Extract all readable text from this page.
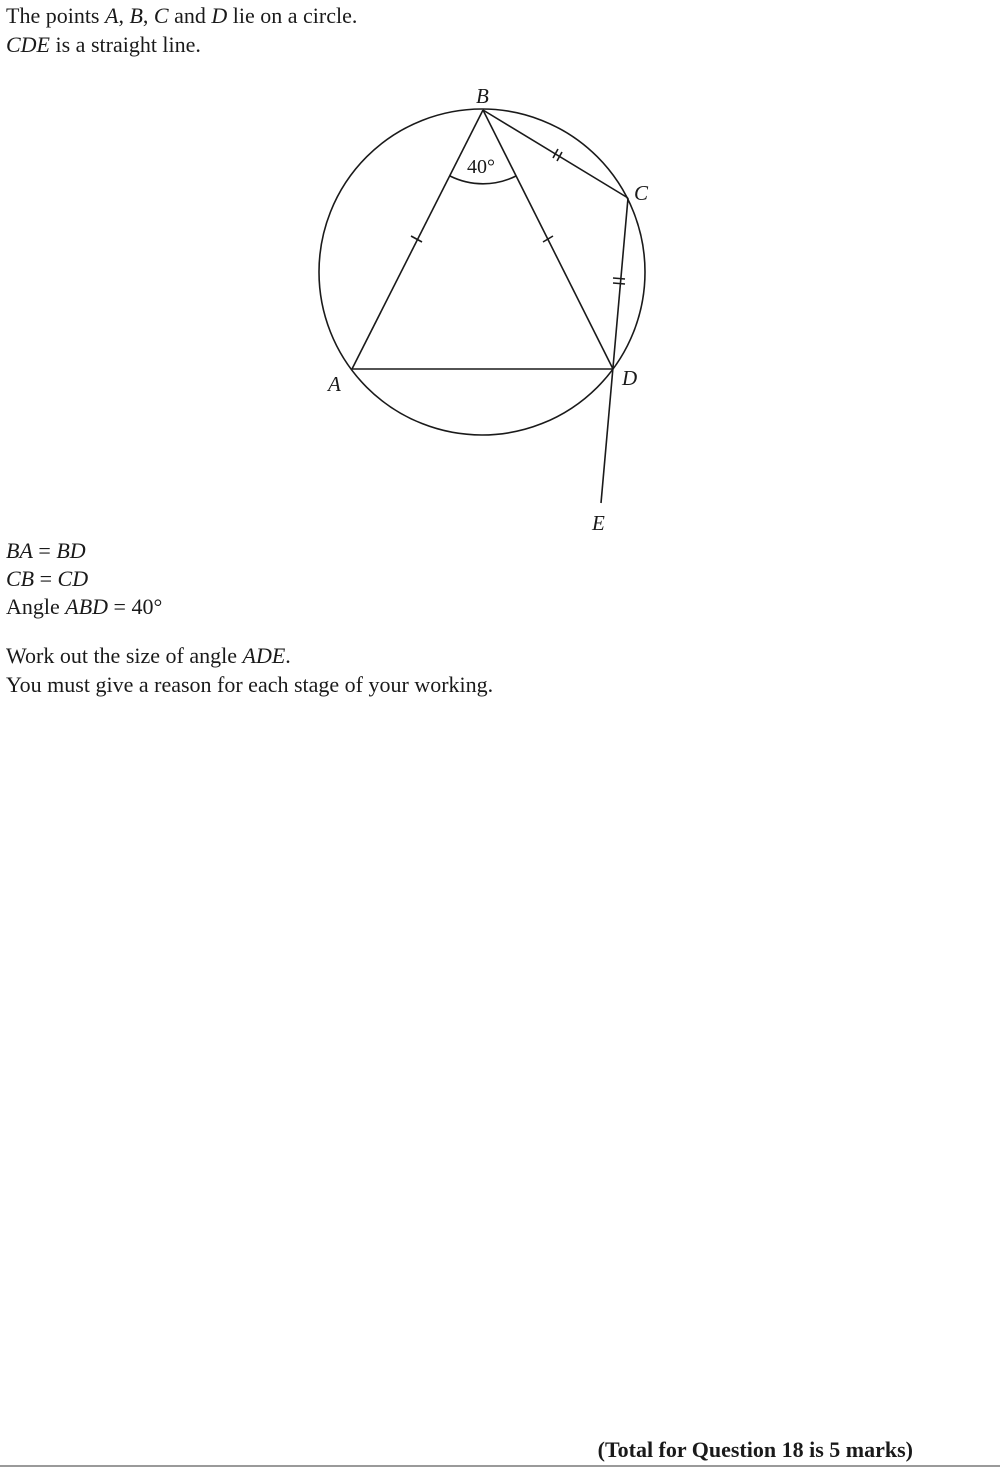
The points A, B, C and D lie on a circle.
CDE is a straight line.
B
C
A	D
E
40°
BA = BD
CB = CD
Angle ABD = 40°
Work out the size of angle ADE.
You must give a reason for each stage of your working.
(Total for Question 18 is 5 marks)
